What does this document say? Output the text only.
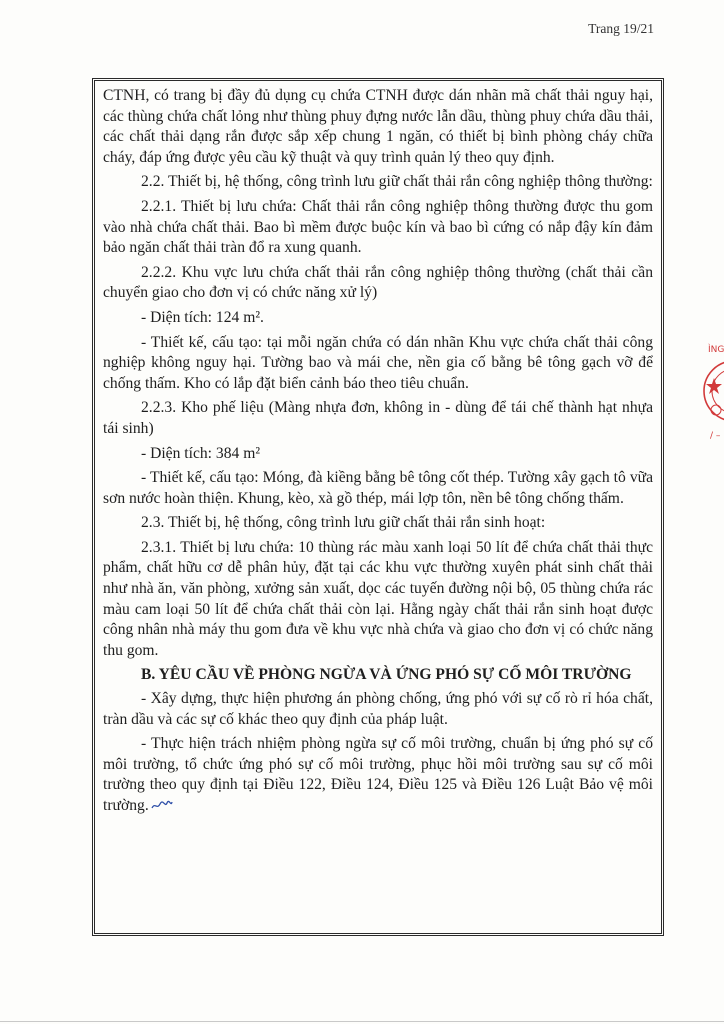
Trang 19/21

CTNH, có trang bị đầy đủ dụng cụ chứa CTNH được dán nhãn mã chất thải nguy hại, các thùng chứa chất lỏng như thùng phuy đựng nước lẫn dầu, thùng phuy chứa dầu thải, các chất thải dạng rắn được sắp xếp chung 1 ngăn, có thiết bị bình phòng cháy chữa cháy, đáp ứng được yêu cầu kỹ thuật và quy trình quản lý theo quy định.

2.2. Thiết bị, hệ thống, công trình lưu giữ chất thải rắn công nghiệp thông thường:

2.2.1. Thiết bị lưu chứa: Chất thải rắn công nghiệp thông thường được thu gom vào nhà chứa chất thải. Bao bì mềm được buộc kín và bao bì cứng có nắp đậy kín đảm bảo ngăn chất thải tràn đổ ra xung quanh.

2.2.2. Khu vực lưu chứa chất thải rắn công nghiệp thông thường (chất thải cần chuyển giao cho đơn vị có chức năng xử lý)

- Diện tích: 124 m².

- Thiết kế, cấu tạo: tại mỗi ngăn chứa có dán nhãn Khu vực chứa chất thải công nghiệp không nguy hại. Tường bao và mái che, nền gia cố bằng bê tông gạch vỡ để chống thấm. Kho có lắp đặt biển cảnh báo theo tiêu chuẩn.

2.2.3. Kho phế liệu (Màng nhựa đơn, không in - dùng để tái chế thành hạt nhựa tái sinh)

- Diện tích: 384 m²

- Thiết kế, cấu tạo: Móng, đà kiềng bằng bê tông cốt thép. Tường xây gạch tô vữa sơn nước hoàn thiện. Khung, kèo, xà gồ thép, mái lợp tôn, nền bê tông chống thấm.

2.3. Thiết bị, hệ thống, công trình lưu giữ chất thải rắn sinh hoạt:

2.3.1. Thiết bị lưu chứa: 10 thùng rác màu xanh loại 50 lít để chứa chất thải thực phẩm, chất hữu cơ dễ phân hủy, đặt tại các khu vực thường xuyên phát sinh chất thải như nhà ăn, văn phòng, xưởng sản xuất, dọc các tuyến đường nội bộ, 05 thùng chứa rác màu cam loại 50 lít để chứa chất thải còn lại. Hằng ngày chất thải rắn sinh hoạt được công nhân nhà máy thu gom đưa về khu vực nhà chứa và giao cho đơn vị có chức năng thu gom.

B. YÊU CẦU VỀ PHÒNG NGỪA VÀ ỨNG PHÓ SỰ CỐ MÔI TRƯỜNG

- Xây dựng, thực hiện phương án phòng chống, ứng phó với sự cố rò rỉ hóa chất, tràn dầu và các sự cố khác theo quy định của pháp luật.

- Thực hiện trách nhiệm phòng ngừa sự cố môi trường, chuẩn bị ứng phó sự cố môi trường, tổ chức ứng phó sự cố môi trường, phục hồi môi trường sau sự cố môi trường theo quy định tại Điều 122, Điều 124, Điều 125 và Điều 126 Luật Bảo vệ môi trường.

ÌNG
/ –
